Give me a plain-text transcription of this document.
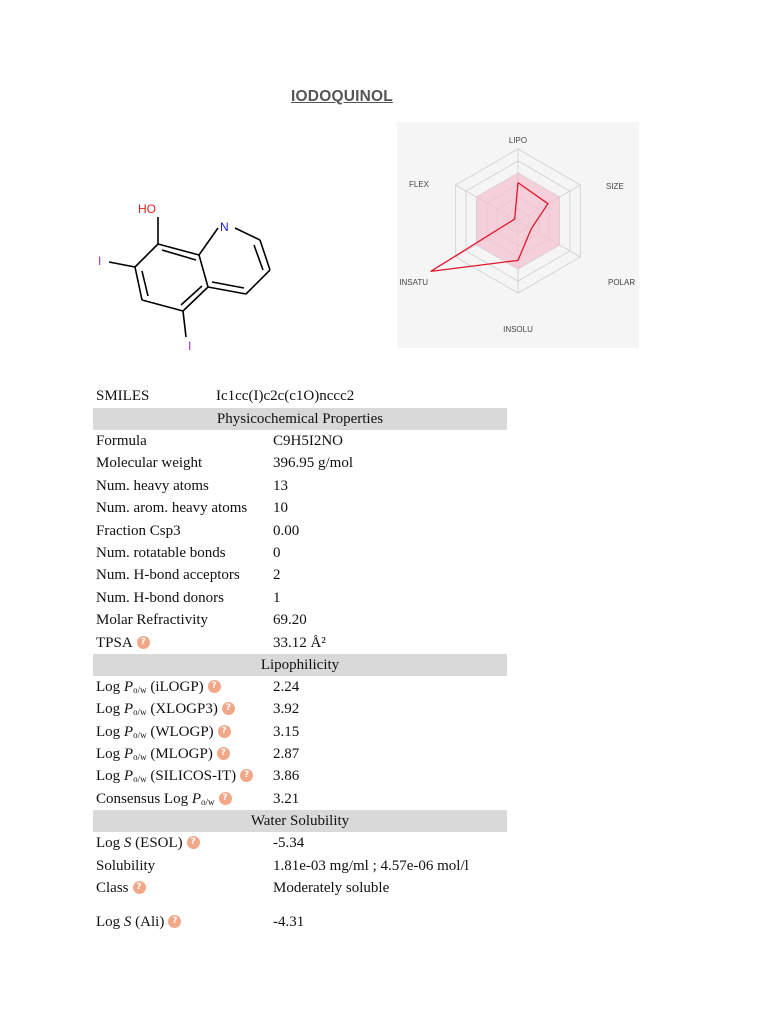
IODOQUINOL
HO
N
I
I
LIPO
SIZE
POLAR
INSOLU
INSATU
FLEX
SMILES	Ic1cc(I)c2c(c1O)nccc2
Physicochemical Properties
Formula	C9H5I2NO
Molecular weight	396.95 g/mol
Num. heavy atoms	13
Num. arom. heavy atoms 10
Fraction Csp3	0.00
Num. rotatable bonds	0
Num. H-bond acceptors 2
Num. H-bond donors	1
Molar Refractivity	69.20
TPSA ?	33.12 Å²
Lipophilicity
Log $P_{o/w}$ (iLOGP) ?	2.24
Log $P_{o/w}$ (XLOGP3) ?	3.92
Log $P_{o/w}$ (WLOGP) ?	3.15
Log $P_{o/w}$ (MLOGP) ?	2.87
Log $P_{o/w}$ (SILICOS-IT) ? 3.86
Consensus Log $P_{o/w}$ ?	3.21
Water Solubility
Log S (ESOL) ?	-5.34
Solubility	1.81e-03 mg/ml ; 4.57e-06 mol/l
Class ?	Moderately soluble
Log S (Ali) ?	-4.31
